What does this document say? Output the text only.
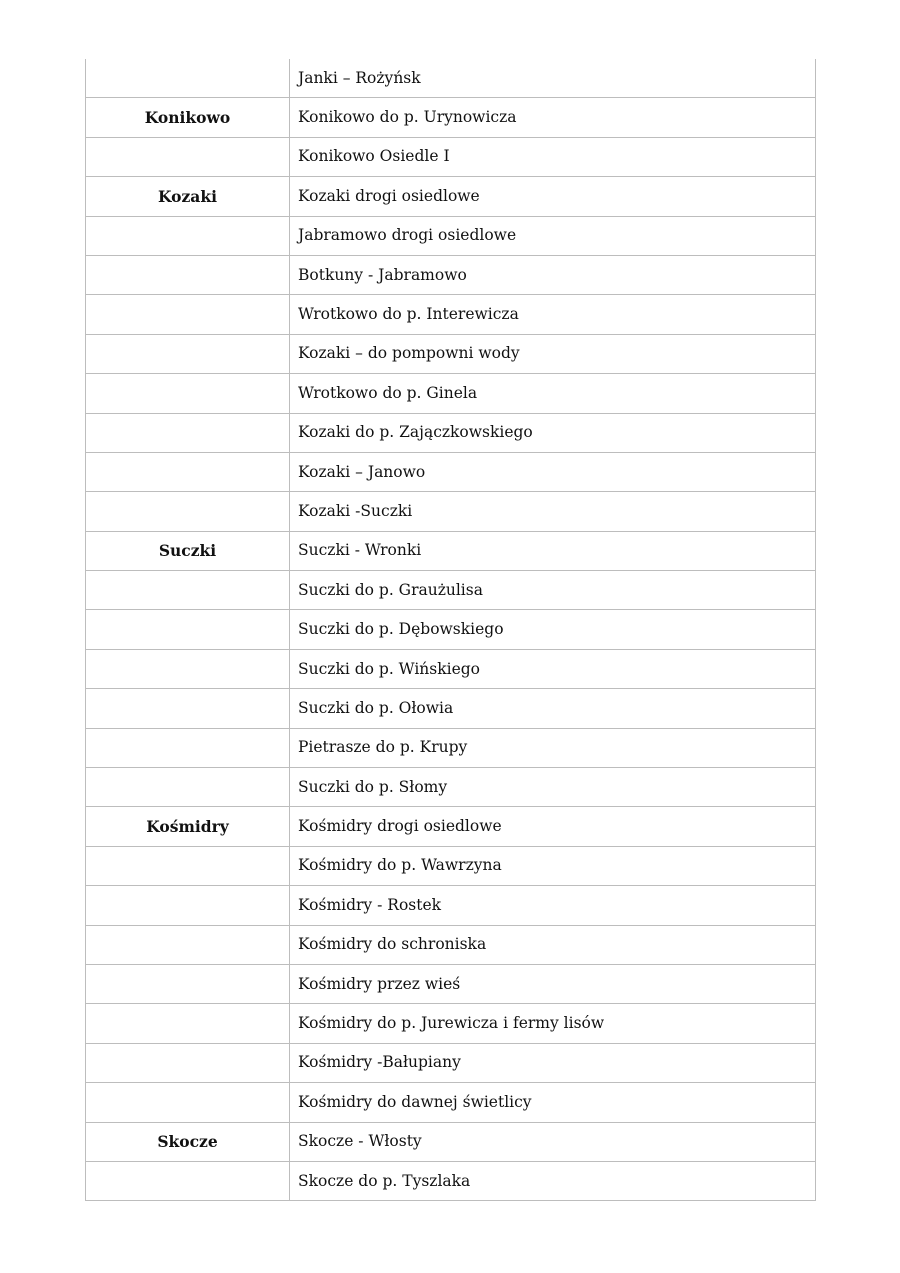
	Janki – Rożyńsk
Konikowo	Konikowo do p. Urynowicza
	Konikowo Osiedle I
Kozaki	Kozaki drogi osiedlowe
	Jabramowo drogi osiedlowe
	Botkuny - Jabramowo
	Wrotkowo do p. Interewicza
	Kozaki – do pompowni wody
	Wrotkowo do p. Ginela
	Kozaki do p. Zajączkowskiego
	Kozaki – Janowo
	Kozaki -Suczki
Suczki	Suczki - Wronki
	Suczki do p. Graużulisa
	Suczki do p. Dębowskiego
	Suczki do p. Wińskiego
	Suczki do p. Ołowia
	Pietrasze do p. Krupy
	Suczki do p. Słomy
Kośmidry	Kośmidry drogi osiedlowe
	Kośmidry do p. Wawrzyna
	Kośmidry - Rostek
	Kośmidry do schroniska
	Kośmidry przez wieś
	Kośmidry do p. Jurewicza i fermy lisów
	Kośmidry -Bałupiany
	Kośmidry do dawnej świetlicy
Skocze	Skocze - Włosty
	Skocze do p. Tyszlaka
